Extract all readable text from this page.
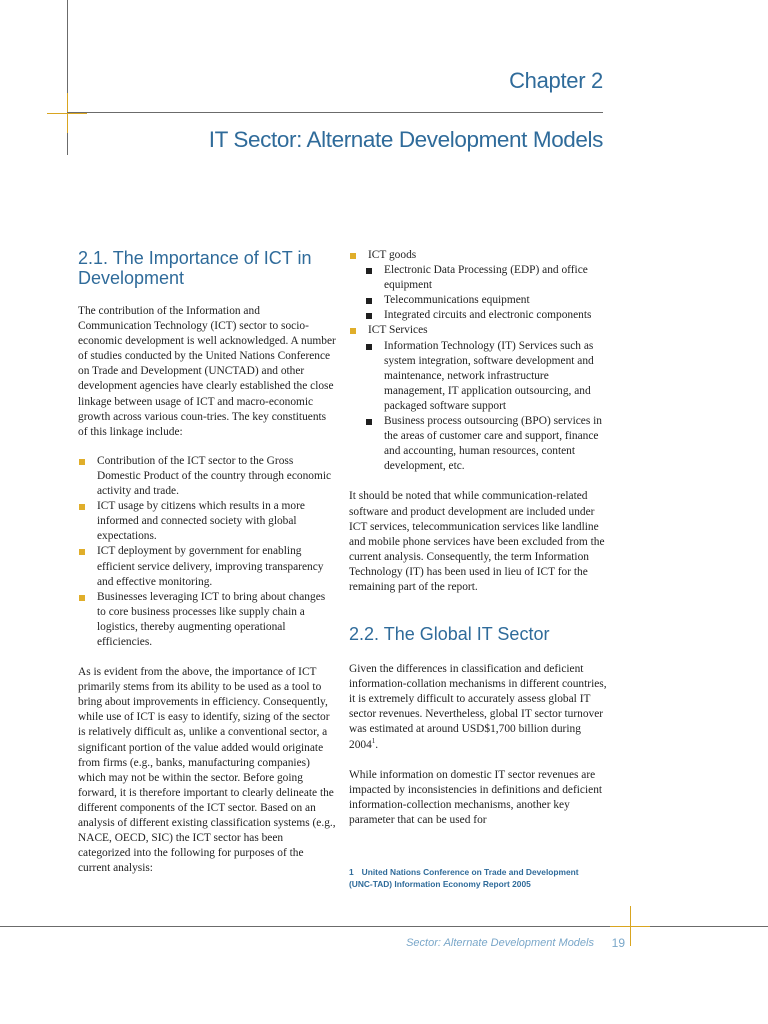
Chapter 2
IT Sector: Alternate Development Models
2.1. The Importance of ICT in
Development

The contribution of the Information and Communication Technology (ICT) sector to socio-economic development is well acknowledged. A number of studies conducted by the United Nations Conference on Trade and Development (UNCTAD) and other development agencies have clearly established the close linkage between usage of ICT and macro-economic growth across various coun-tries. The key constituents of this linkage include:

Contribution of the ICT sector to the Gross Domestic Product of the country through economic activity and trade.
ICT usage by citizens which results in a more informed and connected society with global expectations.
ICT deployment by government for enabling efficient service delivery, improving transparency and effective monitoring.
Businesses leveraging ICT to bring about changes to core business processes like supply chain a logistics, thereby augmenting operational efficiencies.

As is evident from the above, the importance of ICT primarily stems from its ability to be used as a tool to bring about improvements in efficiency. Consequently, while use of ICT is easy to identify, sizing of the sector is relatively difficult as, unlike a conventional sector, a significant portion of the value added would originate from firms (e.g., banks, manufacturing companies) which may not be within the sector. Before going forward, it is therefore important to clearly delineate the different components of the ICT sector. Based on an analysis of different existing classification systems (e.g., NACE, OECD, SIC) the ICT sector has been categorized into the following for purposes of the current analysis:

ICT goods
Electronic Data Processing (EDP) and office equipment
Telecommunications equipment
Integrated circuits and electronic components
ICT Services
Information Technology (IT) Services such as system integration, software development and maintenance, network infrastructure management, IT application outsourcing, and packaged software support
Business process outsourcing (BPO) services in the areas of customer care and support, finance and accounting, human resources, content development, etc.

It should be noted that while communication-related software and product development are included under ICT services, telecommunication services like landline and mobile phone services have been excluded from the current analysis. Consequently, the term Information Technology (IT) has been used in lieu of ICT for the remaining part of the report.

2.2. The Global IT Sector

Given the differences in classification and deficient information-collation mechanisms in different countries, it is extremely difficult to accurately assess global IT sector revenues. Nevertheless, global IT sector turnover was estimated at around USD$1,700 billion during 2004$^1$.

While information on domestic IT sector revenues are impacted by inconsistencies in definitions and deficient information-collection mechanisms, another key parameter that can be used for

1 United Nations Conference on Trade and Development (UNC-TAD) Information Economy Report 2005
Sector: Alternate Development Models 19
